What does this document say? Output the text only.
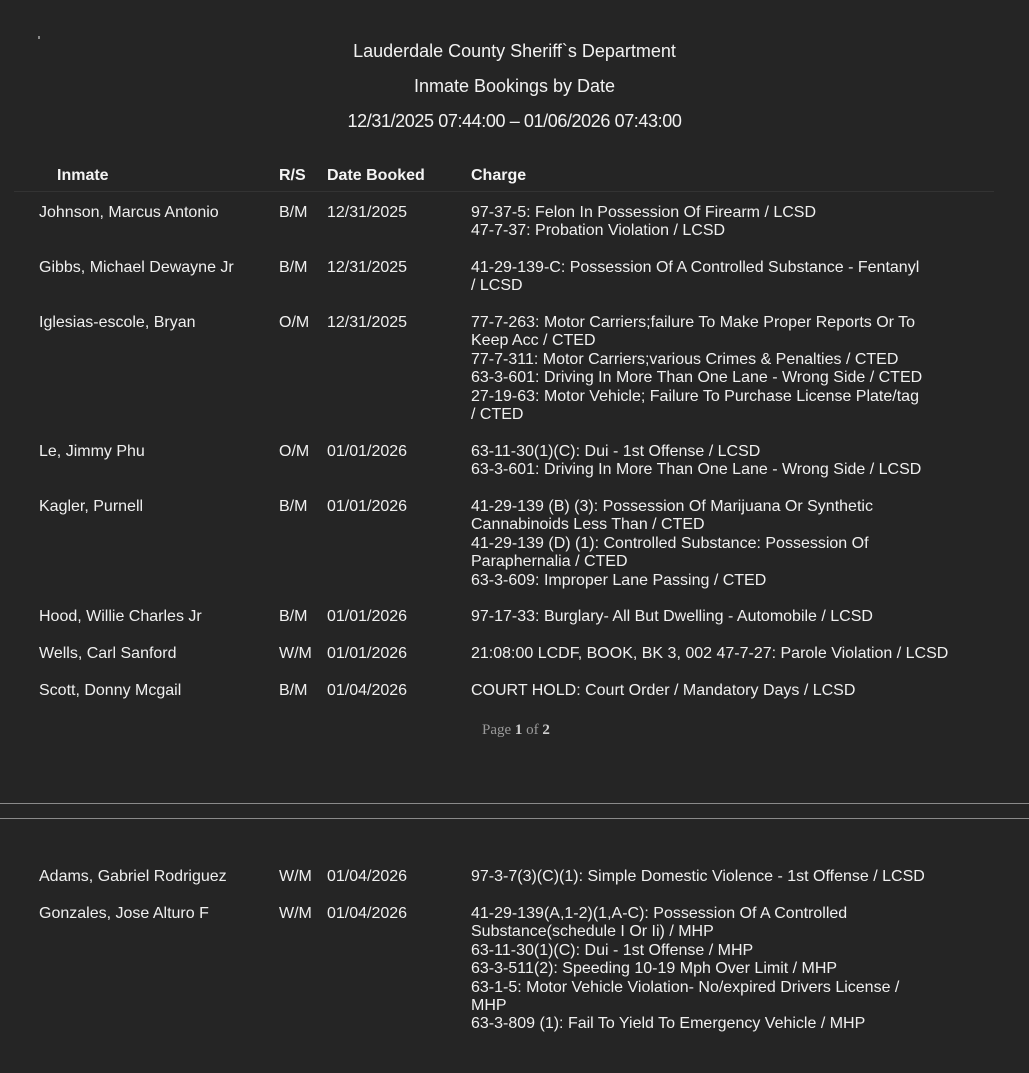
Lauderdale County Sheriff`s Department
Inmate Bookings by Date
12/31/2025 07:44:00 – 01/06/2026 07:43:00
Inmate	R/S Date Booked	Charge
Johnson, Marcus Antonio	B/M 12/31/2025	97-37-5: Felon In Possession Of Firearm / LCSD
47-7-37: Probation Violation / LCSD
Gibbs, Michael Dewayne Jr	B/M 12/31/2025	41-29-139-C: Possession Of A Controlled Substance - Fentanyl
/ LCSD
Iglesias-escole, Bryan	O/M 12/31/2025	77-7-263: Motor Carriers;failure To Make Proper Reports Or To
Keep Acc / CTED
77-7-311: Motor Carriers;various Crimes & Penalties / CTED
63-3-601: Driving In More Than One Lane - Wrong Side / CTED
27-19-63: Motor Vehicle; Failure To Purchase License Plate/tag
/ CTED
Le, Jimmy Phu	O/M 01/01/2026	63-11-30(1)(C): Dui - 1st Offense / LCSD
63-3-601: Driving In More Than One Lane - Wrong Side / LCSD
Kagler, Purnell	B/M 01/01/2026	41-29-139 (B) (3): Possession Of Marijuana Or Synthetic
Cannabinoids Less Than / CTED
41-29-139 (D) (1): Controlled Substance: Possession Of
Paraphernalia / CTED
63-3-609: Improper Lane Passing / CTED
Hood, Willie Charles Jr	B/M 01/01/2026	97-17-33: Burglary- All But Dwelling - Automobile / LCSD
Wells, Carl Sanford	W/M 01/01/2026	21:08:00 LCDF, BOOK, BK 3, 002 47-7-27: Parole Violation / LCSD
Scott, Donny Mcgail	B/M 01/04/2026	COURT HOLD: Court Order / Mandatory Days / LCSD
Adams, Gabriel Rodriguez	W/M 01/04/2026	97-3-7(3)(C)(1): Simple Domestic Violence - 1st Offense / LCSD
Gonzales, Jose Alturo F	W/M 01/04/2026	41-29-139(A,1-2)(1,A-C): Possession Of A Controlled
Substance(schedule I Or Ii) / MHP
63-11-30(1)(C): Dui - 1st Offense / MHP
63-3-511(2): Speeding 10-19 Mph Over Limit / MHP
63-1-5: Motor Vehicle Violation- No/expired Drivers License /
MHP
63-3-809 (1): Fail To Yield To Emergency Vehicle / MHP
Page 1 of 2
